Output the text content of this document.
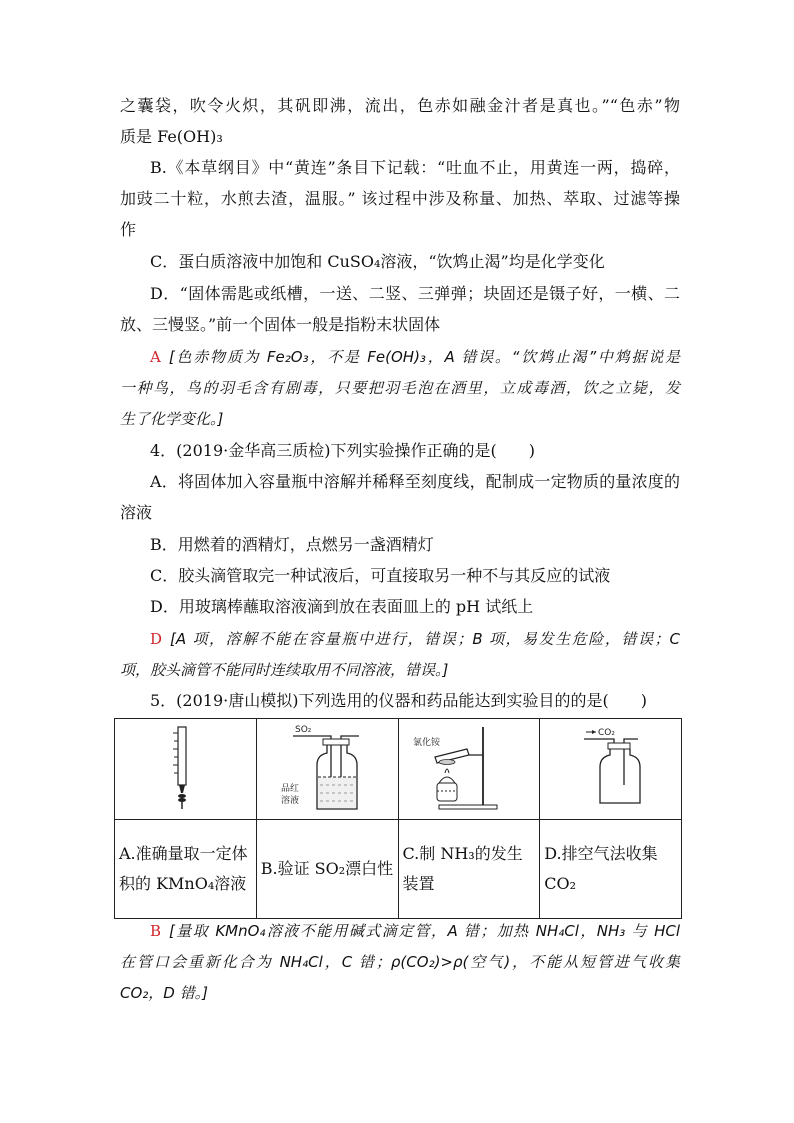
之囊袋，吹令火炽，其矾即沸，流出，色赤如融金汁者是真也。”“色赤”物
质是 Fe(OH)₃
B.《本草纲目》中“黄连”条目下记载：“吐血不止，用黄连一两，捣碎，
加豉二十粒，水煎去渣，温服。” 该过程中涉及称量、加热、萃取、过滤等操
作
C．蛋白质溶液中加饱和 CuSO₄溶液，“饮鸩止渴”均是化学变化
D．“固体需匙或纸槽，一送、二竖、三弹弹；块固还是镊子好，一横、二
放、三慢竖。”前一个固体一般是指粉末状固体
A [色赤物质为 Fe₂O₃，不是 Fe(OH)₃，A 错误。“饮鸩止渴”中鸩据说是
一种鸟，鸟的羽毛含有剧毒，只要把羽毛泡在酒里，立成毒酒，饮之立毙，发
生了化学变化。]
4．(2019·金华高三质检)下列实验操作正确的是(　　)
A．将固体加入容量瓶中溶解并稀释至刻度线，配制成一定物质的量浓度的
溶液
B．用燃着的酒精灯，点燃另一盏酒精灯
C．胶头滴管取完一种试液后，可直接取另一种不与其反应的试液
D．用玻璃棒蘸取溶液滴到放在表面皿上的 pH 试纸上
D [A 项，溶解不能在容量瓶中进行，错误；B 项，易发生危险，错误；C
项，胶头滴管不能同时连续取用不同溶液，错误。]
5．(2019·唐山模拟)下列选用的仪器和药品能达到实验目的的是(　　)

SO₂
品红
溶液	氯化铵	CO₂

A.准确量取一定体积的 KMnO₄溶液	B.验证 SO₂漂白性	C.制 NH₃的发生装置	D.排空气法收集 CO₂
B [量取 KMnO₄溶液不能用碱式滴定管，A 错；加热 NH₄Cl，NH₃ 与 HCl
在管口会重新化合为 NH₄Cl，C 错；ρ(CO₂)>ρ(空气)，不能从短管进气收集
CO₂，D 错。]
